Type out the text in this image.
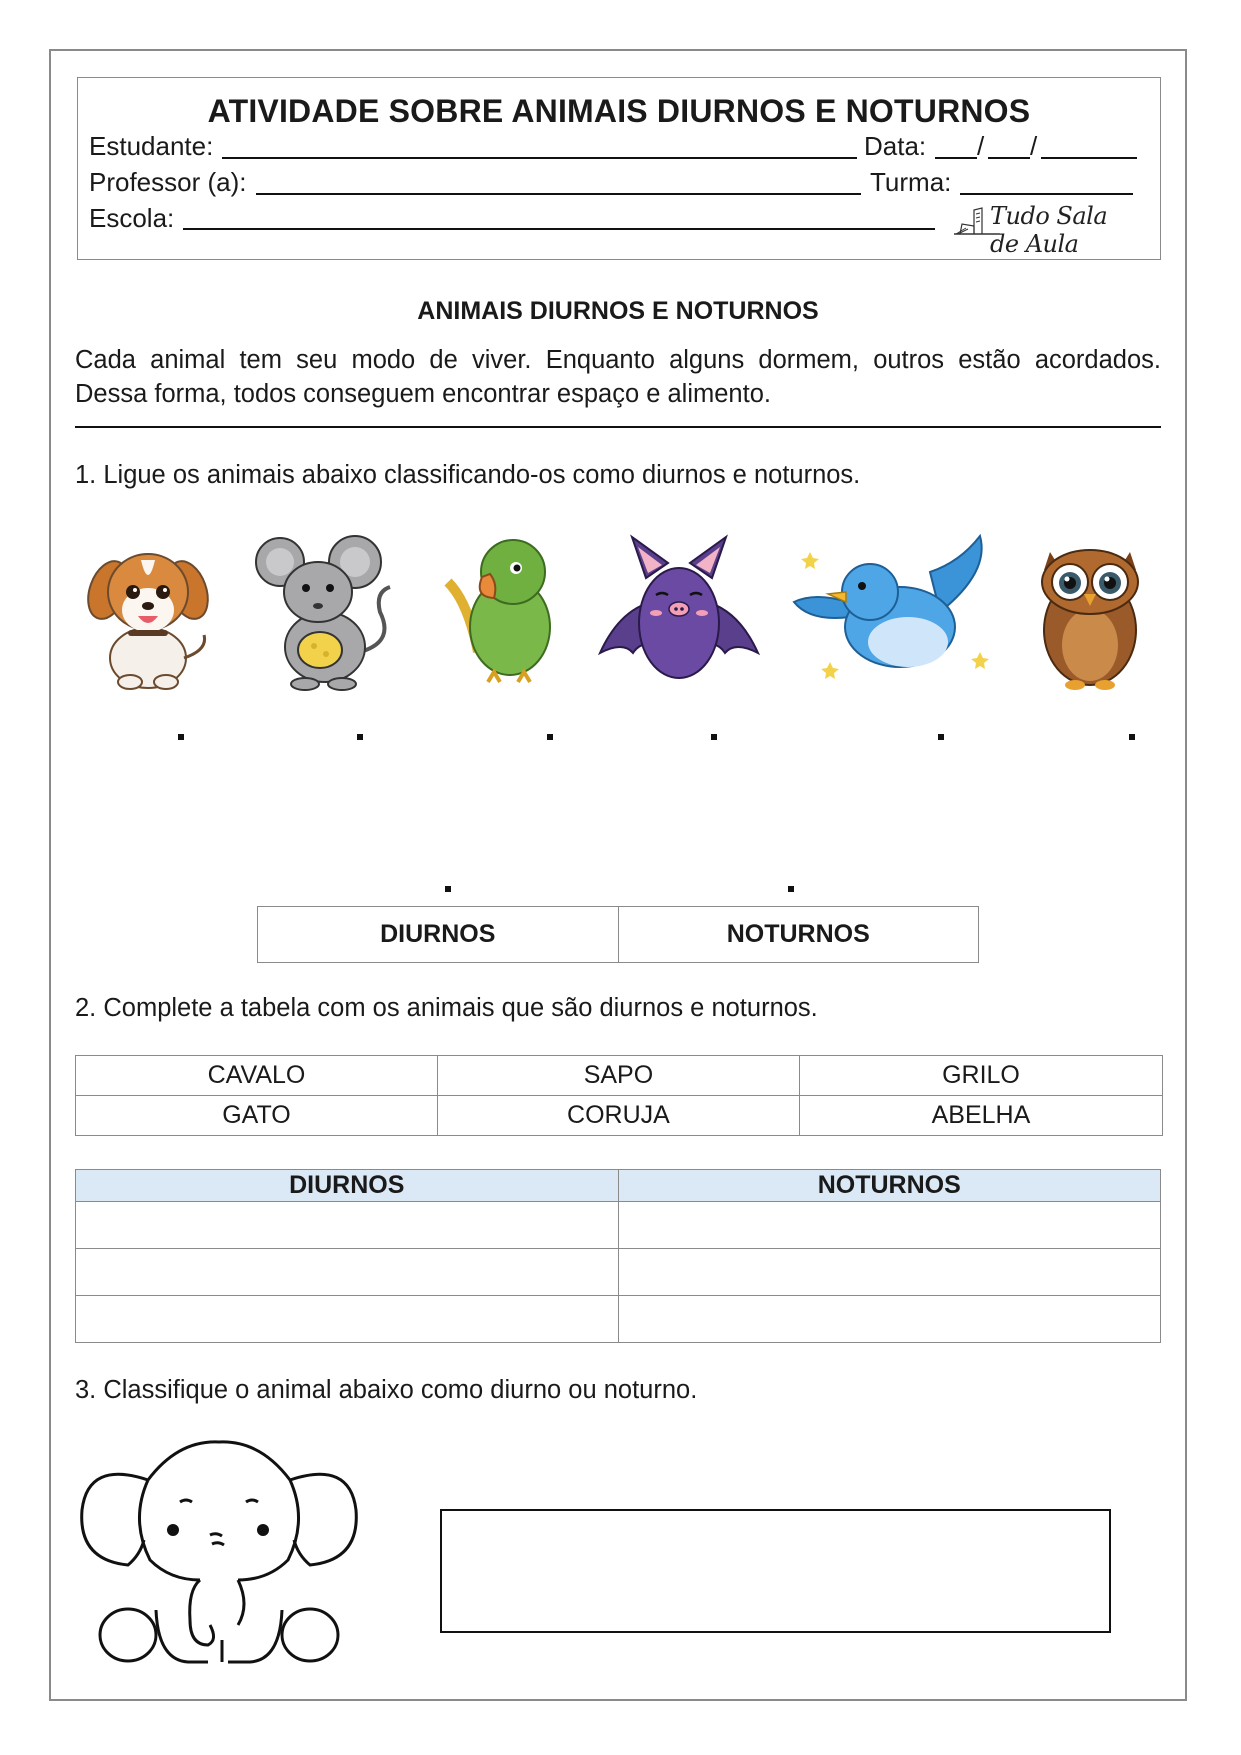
ATIVIDADE SOBRE ANIMAIS DIURNOS E NOTURNOS
Estudante:	Data: / /
Professor (a):	Turma:
Escola:	Tudo Sala de Aula
ANIMAIS DIURNOS E NOTURNOS
Cada animal tem seu modo de viver. Enquanto alguns dormem, outros estão acordados.
Dessa forma, todos conseguem encontrar espaço e alimento.
1. Ligue os animais abaixo classificando-os como diurnos e noturnos.
DIURNOS	NOTURNOS
2. Complete a tabela com os animais que são diurnos e noturnos.
CAVALO	SAPO	GRILO
GATO	CORUJA	ABELHA
DIURNOS	NOTURNOS

3. Classifique o animal abaixo como diurno ou noturno.
